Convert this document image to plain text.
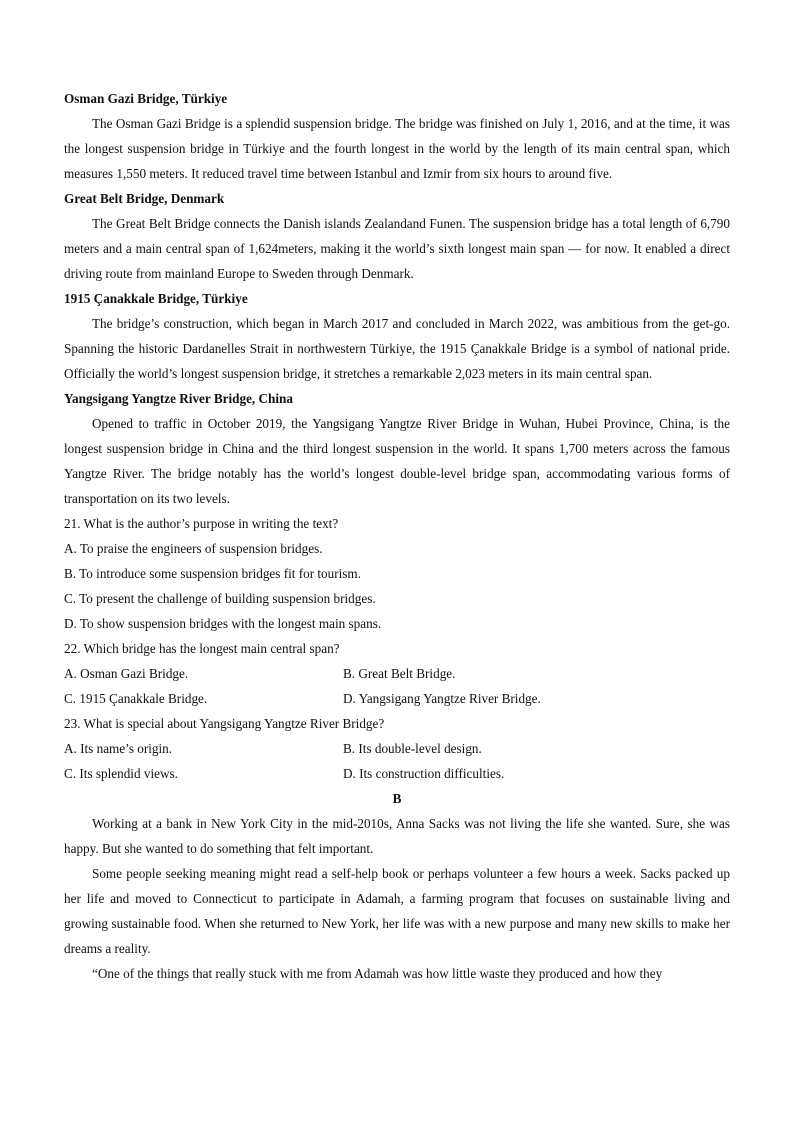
Osman Gazi Bridge, Türkiye

The Osman Gazi Bridge is a splendid suspension bridge. The bridge was finished on July 1, 2016, and at the time, it was the longest suspension bridge in Türkiye and the fourth longest in the world by the length of its main central span, which measures 1,550 meters. It reduced travel time between Istanbul and Izmir from six hours to around five.

Great Belt Bridge, Denmark

The Great Belt Bridge connects the Danish islands Zealandand Funen. The suspension bridge has a total length of 6,790 meters and a main central span of 1,624meters, making it the world’s sixth longest main span — for now. It enabled a direct driving route from mainland Europe to Sweden through Denmark.

1915 Çanakkale Bridge, Türkiye

The bridge’s construction, which began in March 2017 and concluded in March 2022, was ambitious from the get-go. Spanning the historic Dardanelles Strait in northwestern Türkiye, the 1915 Çanakkale Bridge is a symbol of national pride. Officially the world’s longest suspension bridge, it stretches a remarkable 2,023 meters in its main central span.

Yangsigang Yangtze River Bridge, China

Opened to traffic in October 2019, the Yangsigang Yangtze River Bridge in Wuhan, Hubei Province, China, is the longest suspension bridge in China and the third longest suspension in the world. It spans 1,700 meters across the famous Yangtze River. The bridge notably has the world’s longest double-level bridge span, accommodating various forms of transportation on its two levels.

21. What is the author’s purpose in writing the text?

A. To praise the engineers of suspension bridges.

B. To introduce some suspension bridges fit for tourism.

C. To present the challenge of building suspension bridges.

D. To show suspension bridges with the longest main spans.

22. Which bridge has the longest main central span?

A. Osman Gazi Bridge.	B. Great Belt Bridge.

C. 1915 Çanakkale Bridge.	D. Yangsigang Yangtze River Bridge.

23. What is special about Yangsigang Yangtze River Bridge?

A. Its name’s origin.	B. Its double-level design.

C. Its splendid views.	D. Its construction difficulties.

B

Working at a bank in New York City in the mid-2010s, Anna Sacks was not living the life she wanted. Sure, she was happy. But she wanted to do something that felt important.

Some people seeking meaning might read a self-help book or perhaps volunteer a few hours a week. Sacks packed up her life and moved to Connecticut to participate in Adamah, a farming program that focuses on sustainable living and growing sustainable food. When she returned to New York, her life was with a new purpose and many new skills to make her dreams a reality.

“One of the things that really stuck with me from Adamah was how little waste they produced and how they
